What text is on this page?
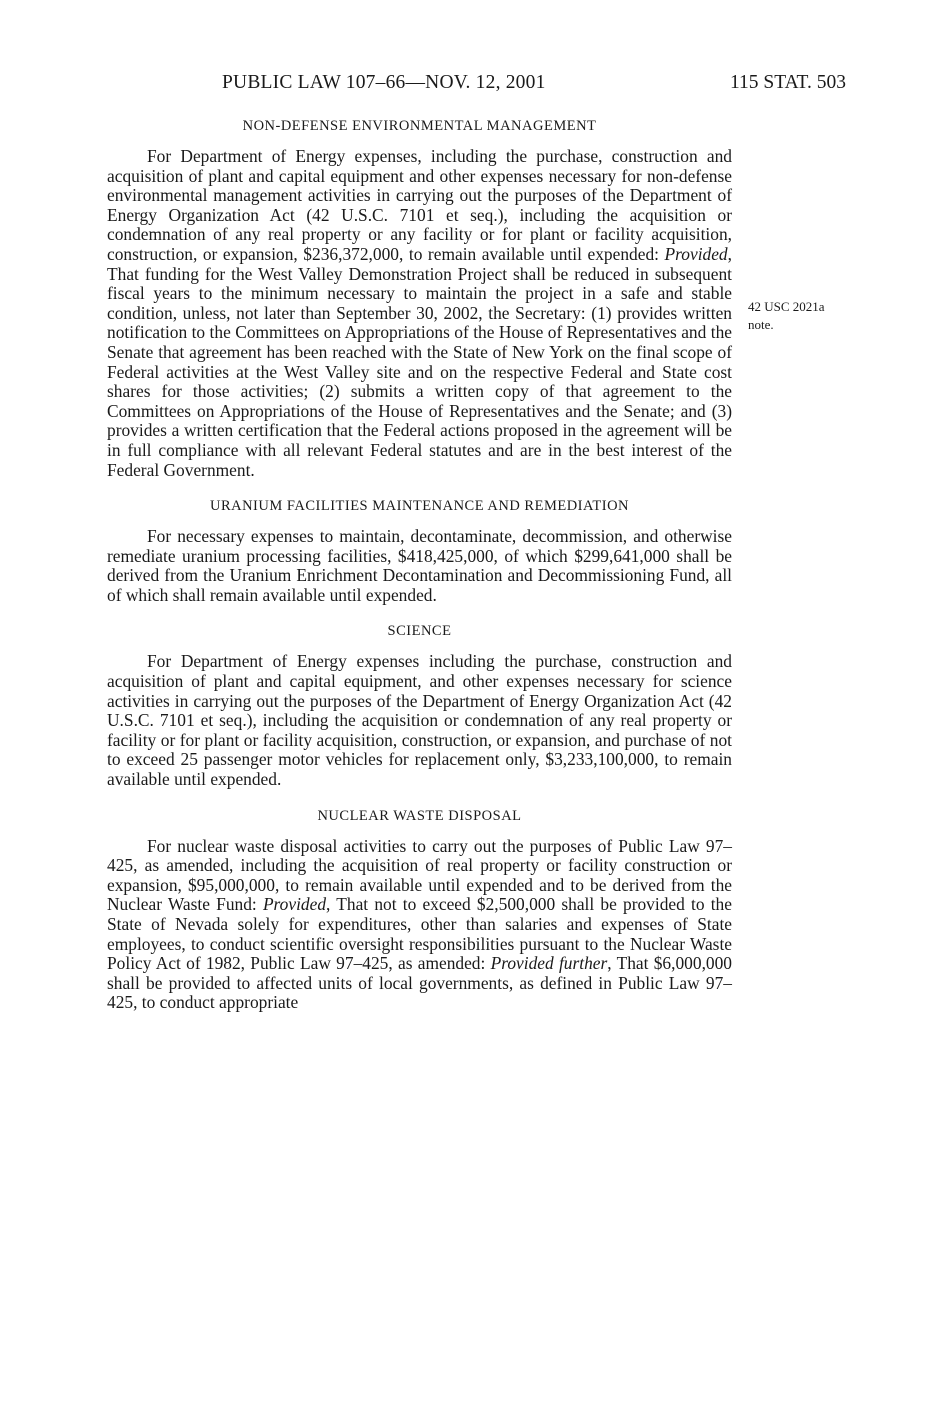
PUBLIC LAW 107–66—NOV. 12, 2001	115 STAT. 503
42 USC 2021a
note.
NON-DEFENSE ENVIRONMENTAL MANAGEMENT

For Department of Energy expenses, including the purchase, construction and acquisition of plant and capital equipment and other expenses necessary for non-defense environmental management activities in carrying out the purposes of the Department of Energy Organization Act (42 U.S.C. 7101 et seq.), including the acquisition or condemnation of any real property or any facility or for plant or facility acquisition, construction, or expansion, $236,372,000, to remain available until expended: Provided, That funding for the West Valley Demonstration Project shall be reduced in subsequent fiscal years to the minimum necessary to maintain the project in a safe and stable condition, unless, not later than September 30, 2002, the Secretary: (1) provides written notification to the Committees on Appropriations of the House of Representatives and the Senate that agreement has been reached with the State of New York on the final scope of Federal activities at the West Valley site and on the respective Federal and State cost shares for those activities; (2) submits a written copy of that agreement to the Committees on Appropriations of the House of Representatives and the Senate; and (3) provides a written certification that the Federal actions proposed in the agreement will be in full compliance with all relevant Federal statutes and are in the best interest of the Federal Government.

URANIUM FACILITIES MAINTENANCE AND REMEDIATION

For necessary expenses to maintain, decontaminate, decommission, and otherwise remediate uranium processing facilities, $418,425,000, of which $299,641,000 shall be derived from the Uranium Enrichment Decontamination and Decommissioning Fund, all of which shall remain available until expended.

SCIENCE

For Department of Energy expenses including the purchase, construction and acquisition of plant and capital equipment, and other expenses necessary for science activities in carrying out the purposes of the Department of Energy Organization Act (42 U.S.C. 7101 et seq.), including the acquisition or condemnation of any real property or facility or for plant or facility acquisition, construction, or expansion, and purchase of not to exceed 25 passenger motor vehicles for replacement only, $3,233,100,000, to remain available until expended.

NUCLEAR WASTE DISPOSAL

For nuclear waste disposal activities to carry out the purposes of Public Law 97–425, as amended, including the acquisition of real property or facility construction or expansion, $95,000,000, to remain available until expended and to be derived from the Nuclear Waste Fund: Provided, That not to exceed $2,500,000 shall be provided to the State of Nevada solely for expenditures, other than salaries and expenses of State employees, to conduct scientific oversight responsibilities pursuant to the Nuclear Waste Policy Act of 1982, Public Law 97–425, as amended: Provided further, That $6,000,000 shall be provided to affected units of local governments, as defined in Public Law 97–425, to conduct appropriate
